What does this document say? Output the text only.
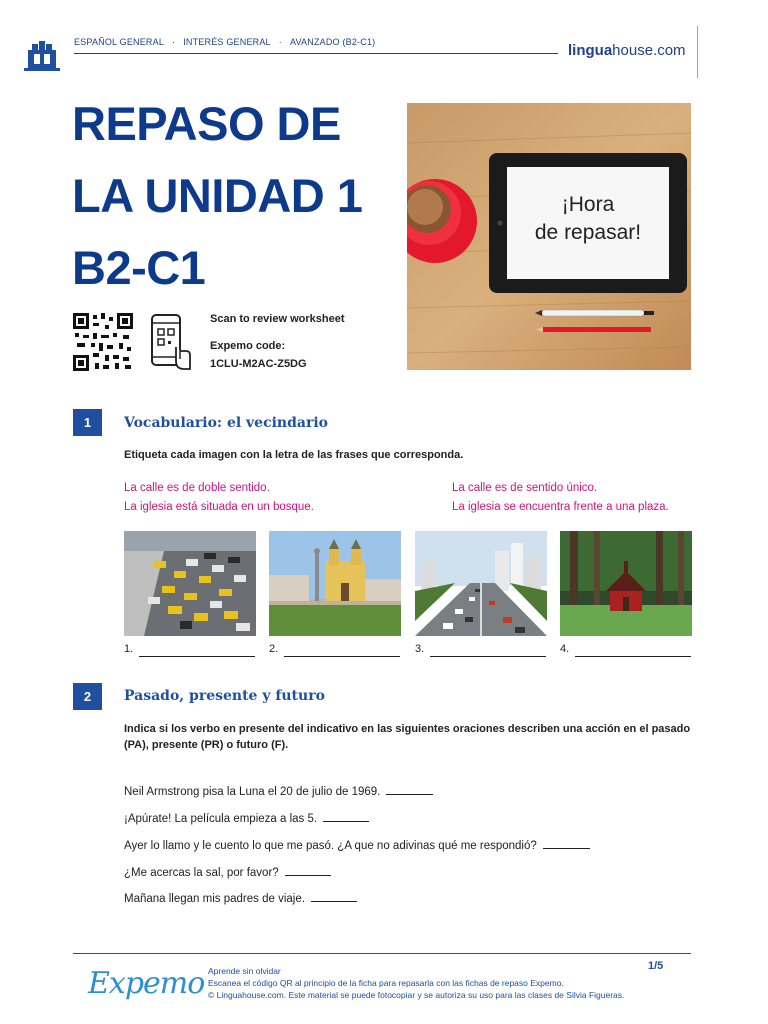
ESPAÑOL GENERAL · INTERÉS GENERAL · AVANZADO (B2-C1)	linguahouse.com
REPASO DE
LA UNIDAD 1
B2-C1
¡Hora
de repasar!
Scan to review worksheet
Expemo code:
1CLU-M2AC-Z5DG
1	Vocabulario: el vecindario
Etiqueta cada imagen con la letra de las frases que corresponda.
La calle es de doble sentido.
La iglesia está situada en un bosque.
La calle es de sentido único.
La iglesia se encuentra frente a una plaza.
1.	2.	3.	4.
2	Pasado, presente y futuro
Indica si los verbo en presente del indicativo en las siguientes oraciones describen una acción en el pasado (PA), presente (PR) o futuro (F).
Neil Armstrong pisa la Luna el 20 de julio de 1969.
¡Apúrate! La película empieza a las 5.
Ayer lo llamo y le cuento lo que me pasó. ¿A que no adivinas qué me respondió?
¿Me acercas la sal, por favor?
Mañana llegan mis padres de viaje.
Expemo Aprende sin olvidar
Escanea el código QR al principio de la ficha para repasarla con las fichas de repaso Expemo.
© Linguahouse.com. Este material se puede fotocopiar y se autoriza su uso para las clases de Silvia Figueras.
1/5
